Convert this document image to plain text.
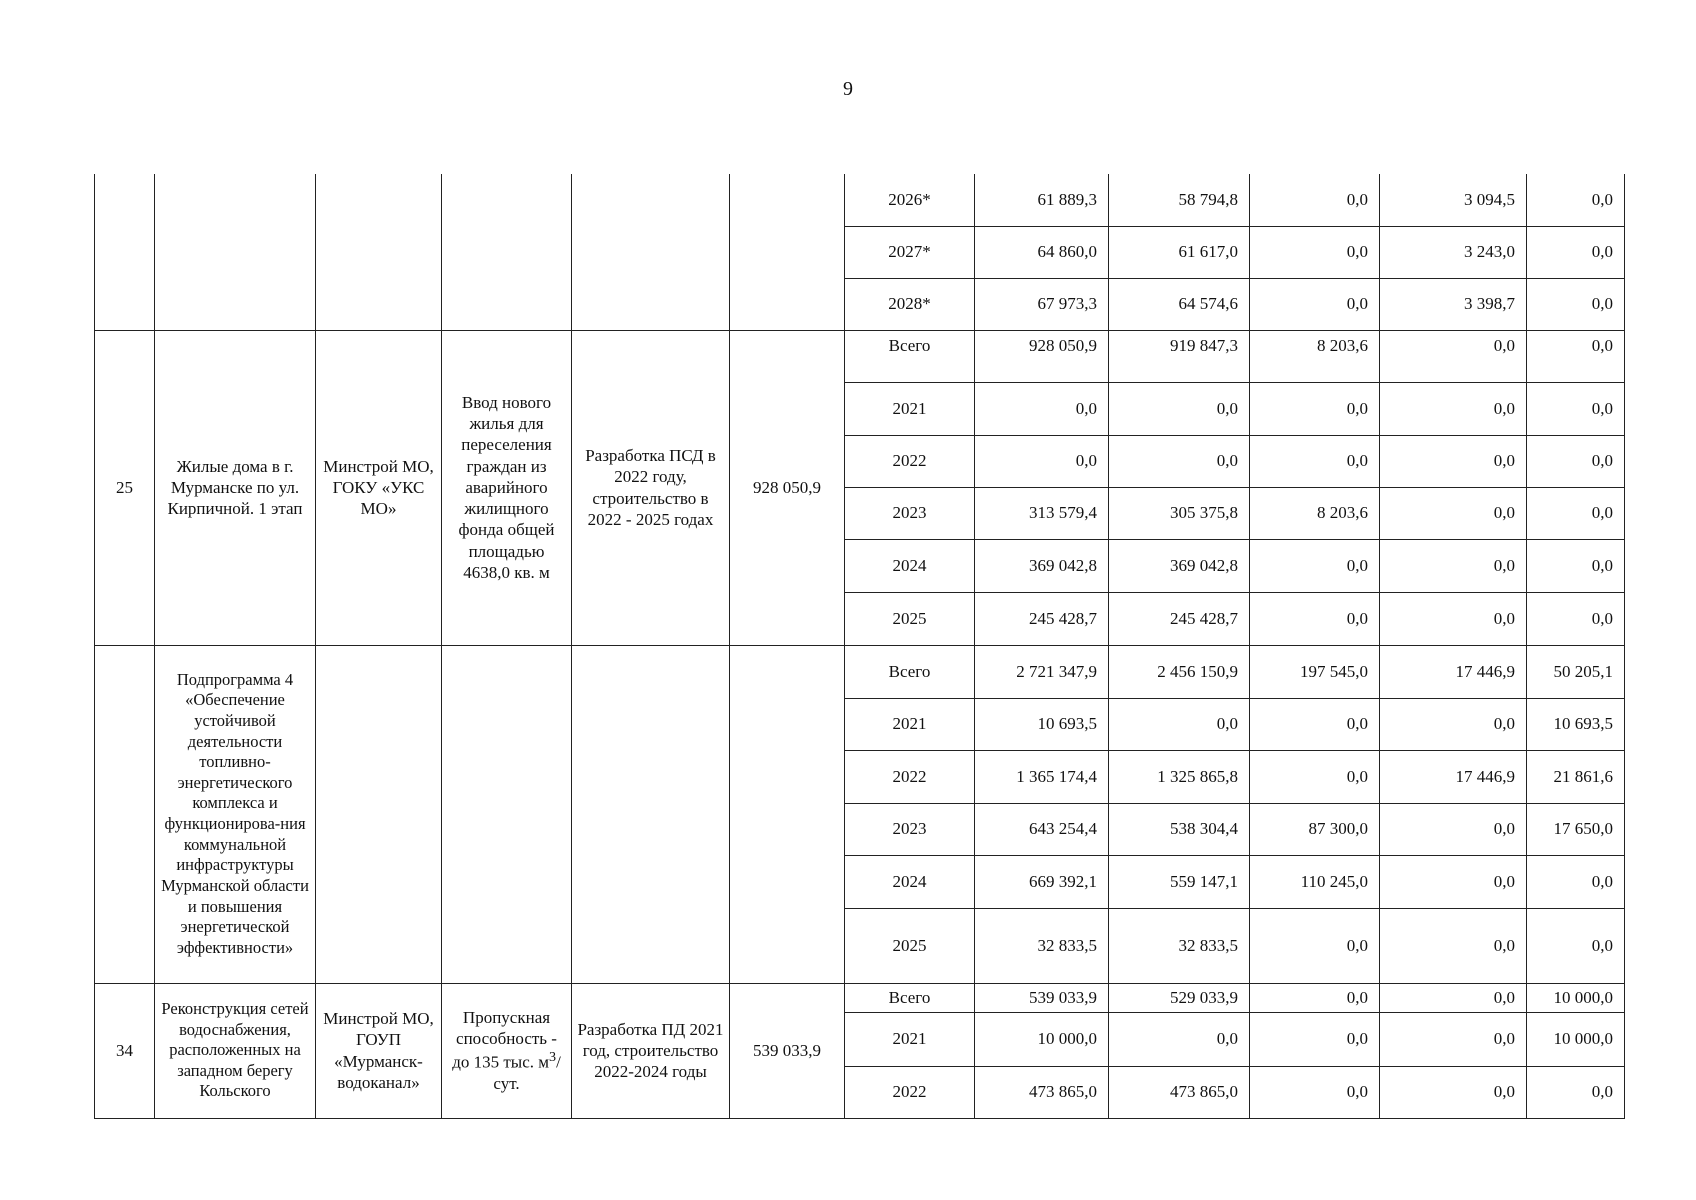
9
						2026*	61 889,3	58 794,8	0,0	3 094,5	0,0
						2027*	64 860,0	61 617,0	0,0	3 243,0	0,0
						2028*	67 973,3	64 574,6	0,0	3 398,7	0,0
25	Жилые дома в г. Мурманске по ул. Кирпичной. 1 этап	Минстрой МО, ГОКУ «УКС МО»	Ввод нового жилья для переселения граждан из аварийного жилищного фонда общей площадью 4638,0 кв. м	Разработка ПСД в 2022 году, строительство в 2022 - 2025 годах	928 050,9	Всего	928 050,9	919 847,3	8 203,6	0,0	0,0
						2021	0,0	0,0	0,0	0,0	0,0
						2022	0,0	0,0	0,0	0,0	0,0
						2023	313 579,4	305 375,8	8 203,6	0,0	0,0
						2024	369 042,8	369 042,8	0,0	0,0	0,0
						2025	245 428,7	245 428,7	0,0	0,0	0,0
	Подпрограмма 4 «Обеспечение устойчивой деятельности топливно-энергетического комплекса и функционирова-ния коммунальной инфраструктуры Мурманской области и повышения энергетической эффективности»					Всего	2 721 347,9	2 456 150,9	197 545,0	17 446,9	50 205,1
						2021	10 693,5	0,0	0,0	0,0	10 693,5
						2022	1 365 174,4	1 325 865,8	0,0	17 446,9	21 861,6
						2023	643 254,4	538 304,4	87 300,0	0,0	17 650,0
						2024	669 392,1	559 147,1	110 245,0	0,0	0,0
						2025	32 833,5	32 833,5	0,0	0,0	0,0
34	Реконструкция сетей водоснабжения, расположенных на западном берегу Кольского	Минстрой МО, ГОУП «Мурманск-водоканал»	Пропускная способность - до 135 тыс. $м^3$/сут.	Разработка ПД 2021 год, строительство 2022-2024 годы	539 033,9	Всего	539 033,9	529 033,9	0,0	0,0	10 000,0
						2021	10 000,0	0,0	0,0	0,0	10 000,0
						2022	473 865,0	473 865,0	0,0	0,0	0,0
